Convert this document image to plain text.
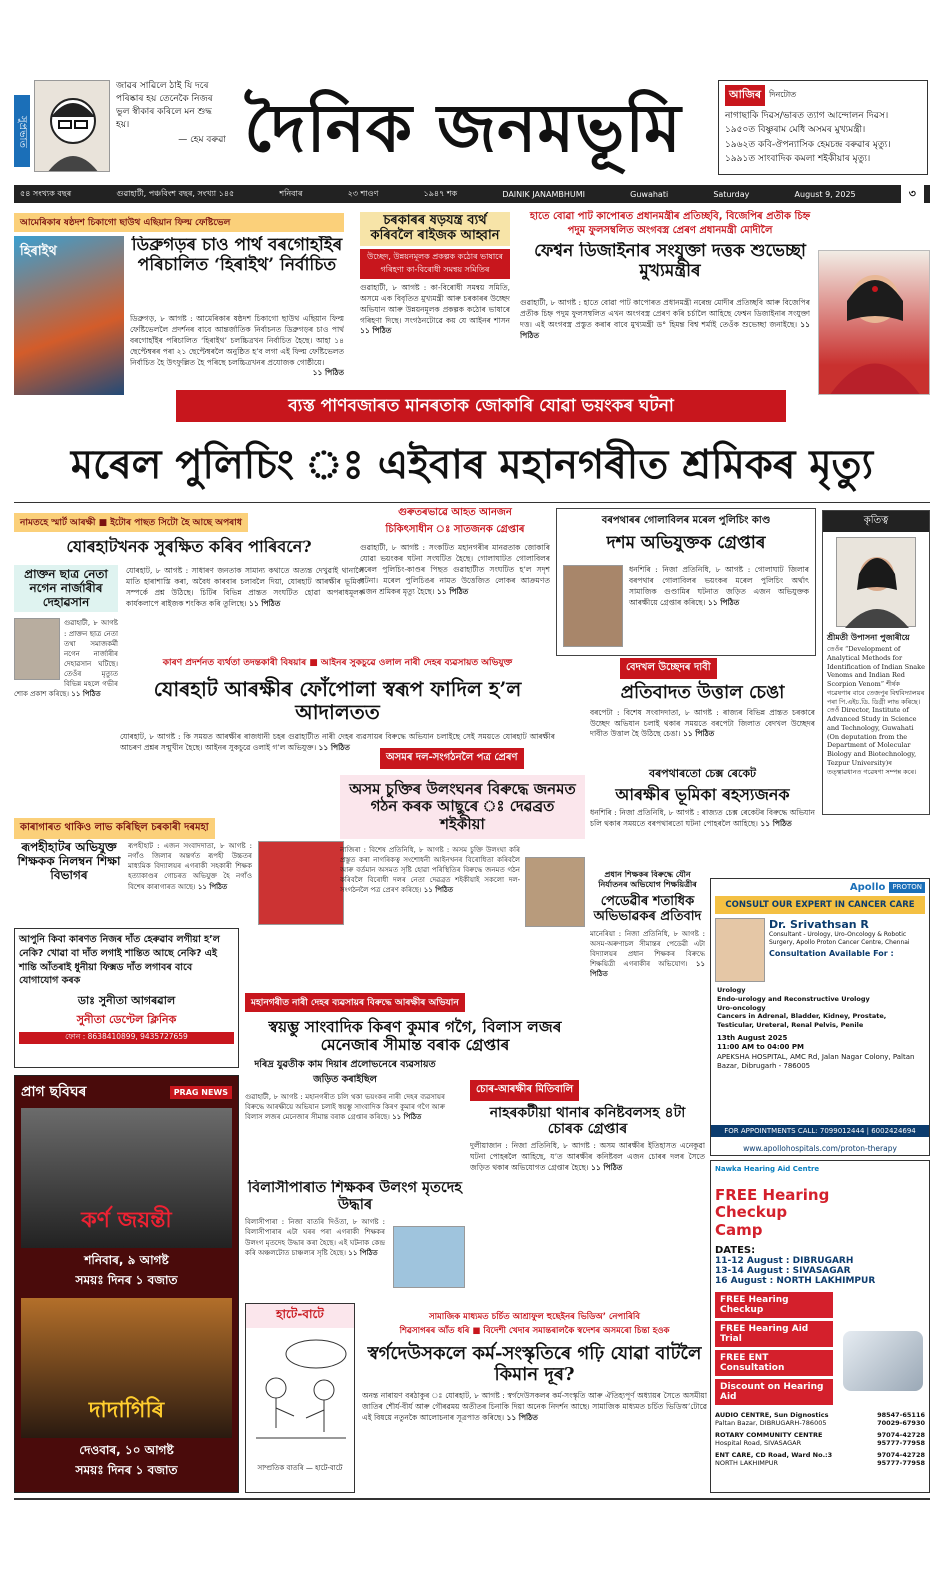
সুপ্রভাত
জাৱৰ সাৱিলে ঠাই যি দৰে পৰিষ্কাৰ হয় তেনেকৈ নিজৰ ভুল স্বীকাৰ কৰিলে মন শুদ্ধ হয়।
— হেম বৰুৱা দৈনিক জনমভূমি	আজিৰ	দিনটোত
নাগাছাকি দিৱস/ভাৰত ত্যাগ আন্দোলন দিৱস।
১৯৫০ত বিষ্ণুৰাম মেধি অসমৰ মুখ্যমন্ত্ৰী।
১৯৬২ত কবি-ঔপন্যাসিক হেমচন্দ্ৰ বৰুৱাৰ মৃত্যু।
১৯৯১ত সাংবাদিক কমলা শইকীয়াৰ মৃত্যু।
৫৪ সংখ্যক বছৰ	গুৱাহাটী, পঞ্চবিংশ বছৰ, সংখ্যা ১৪৫	শনিবাৰ	২৩ শাওণ	১৯৪৭ শক	DAINIK JANAMBHUMI	Guwahati	Saturday	August 9, 2025	৩
আমেৰিকাৰ ষষ্ঠদশ চিকাগো ছাউথ এছিয়ান ফিল্ম ফেষ্টিভেল
হিৰাইথ	ডিব্ৰুগড়ৰ চাও পাৰ্থ বৰগোহাঁইৰ পৰিচালিত ‘হিৰাইথ’ নিৰ্বাচিত
ডিব্ৰুগড়, ৮ আগষ্ট : আমেৰিকাৰ ষষ্ঠদশ চিকাগো ছাউথ এছিয়ান ফিল্ম ফেষ্টিভেললৈ প্ৰদৰ্শনৰ বাবে আন্তৰ্জাতিক নিৰ্বাচনত ডিব্ৰুগড়ৰ চাও পাৰ্থ বৰগোহাঁইৰ পৰিচালিত ‘হিৰাইথ’ চলচ্চিত্ৰখন নিৰ্বাচিত হৈছে। আহা ১৪ ছেপ্টেম্বৰৰ পৰা ২১ ছেপ্টেম্বৰলৈ অনুষ্ঠিত হ’ব লগা এই ফিল্ম ফেষ্টিভেলত নিৰ্বাচিত হৈ উৎফুল্লিত হৈ পৰিছে চলচ্চিত্ৰখনৰ প্ৰযোজক গোষ্ঠীয়ে।
১১ পিঠিত
চৰকাৰৰ ষড়যন্ত্ৰ ব্যৰ্থ কৰিবলৈ ৰাইজক আহ্বান
উচ্ছেদ, উন্নয়নমূলক প্ৰকল্পক কঠোৰ ভাষাৰে গৰিহণা কা-বিৰোধী সমন্বয় সমিতিৰ
গুৱাহাটী, ৮ আগষ্ট : কা-বিৰোধী সমন্বয় সমিতি, অসমে এক বিবৃতিত মুখ্যমন্ত্ৰী আৰু চৰকাৰৰ উচ্ছেদ অভিযান আৰু উন্নয়নমূলক প্ৰকল্পক কঠোৰ ভাষাৰে গৰিহণা দিছে। সংগঠনটোৱে কয় যে আইনৰ শাসন ১১ পিঠিত
হাতে বোৱা পাট কাপোৰত প্ৰধানমন্ত্ৰীৰ প্ৰতিচ্ছবি, বিজেপিৰ প্ৰতীক চিহ্ন পদুম ফুলসম্বলিত অংগবস্ত্ৰ প্ৰেৰণ প্ৰধানমন্ত্ৰী মোদীলৈ
ফেশ্বন ডিজাইনাৰ সংযুক্তা দত্তক শুভেচ্ছা মুখ্যমন্ত্ৰীৰ
গুৱাহাটী, ৮ আগষ্ট : হাতে বোৱা পাট কাপোৰত প্ৰধানমন্ত্ৰী নৰেন্দ্ৰ মোদীৰ প্ৰতিচ্ছবি আৰু বিজেপিৰ প্ৰতীক চিহ্ন পদুম ফুলসম্বলিত এখন অংগবস্ত্ৰ প্ৰেৰণ কৰি চৰ্চালৈ আহিছে ফেশ্বন ডিজাইনাৰ সংযুক্তা দত্ত। এই অংগবস্ত্ৰ প্ৰস্তুত কৰাৰ বাবে মুখ্যমন্ত্ৰী ড° হিমন্ত বিশ্ব শৰ্মাই তেওঁক শুভেচ্ছা জনাইছে। ১১ পিঠিত
ব্যস্ত পাণবজাৰত মানৰতাক জোকাৰি যোৱা ভয়ংকৰ ঘটনা
মৰেল পুলিচিং ঃ এইবাৰ মহানগৰীত শ্ৰমিকৰ মৃত্যু
নামতহে স্মাৰ্ট আৰক্ষী ■ ইটোৰ পাছত সিটো হৈ আছে অপৰাধ
যোৰহাটখনক সুৰক্ষিত কৰিব পাৰিবনে?
যোৰহাট, ৮ আগষ্ট : সাধাৰণ জনতাক সামান্য কথাতে অত্যন্ত দেখুৱাই থানালৈ মাতি হাৰাশাস্তি কৰা, অবৈধ কাৰবাৰ চলাবলৈ দিয়া, যোৰহাট আৰক্ষীৰ ভূমিকা সম্পৰ্কে প্ৰশ্ন উঠিছে। চিটিৰ বিভিন্ন প্ৰান্তত সংঘটিত হোৱা অপৰাধমূলক কাৰ্যকলাপে ৰাইজক শংকিত কৰি তুলিছে। ১১ পিঠিত
প্ৰাক্তন ছাত্ৰ নেতা নগেন নাৰ্জাৰীৰ দেহাৱসান
গুৱাহাটী, ৮ আগষ্ট : প্ৰাক্তন ছাত্ৰ নেতা তথা সমাজকৰ্মী নগেন নাৰ্জাৰীৰ দেহাৱসান ঘটিছে। তেওঁৰ মৃত্যুত বিভিন্ন মহলে গভীৰ শোক প্ৰকাশ কৰিছে। ১১ পিঠিত
গুৰুতৰভাৱে আহত আনজন
চিকিৎসাধীন ঃ সাতজনক গ্ৰেপ্তাৰ
গুৱাহাটী, ৮ আগষ্ট : সংকটিত মহানগৰীৰ মানৱতাক জোকাৰি যোৱা ভয়ংকৰ ঘটনা সংঘটিত হৈছে। গোলাঘাটত গোলাবিলৰ মৰেল পুলিচিং-কাণ্ডৰ পিছত গুৱাহাটীত সংঘটিত হ’ল সদৃশ ঘটনা। মৰেল পুলিচিঙৰ নামত উত্তেজিত লোকৰ আক্ৰমণত এজন শ্ৰমিকৰ মৃত্যু হৈছে। ১১ পিঠিত
বৰপথাৰৰ গোলাবিলৰ মৰেল পুলিচিং কাণ্ড
দশম অভিযুক্তক গ্ৰেপ্তাৰ
ধনশিৰি : নিজা প্ৰতিনিধি, ৮ আগষ্ট : গোলাঘাট জিলাৰ বৰপথাৰ গোলাবিলৰ ভয়ংকৰ মৰেল পুলিচিং অৰ্থাৎ সামাজিক গুণ্ডামিৰ ঘটনাত জড়িত এজন অভিযুক্তক আৰক্ষীয়ে গ্ৰেপ্তাৰ কৰিছে। ১১ পিঠিত
কৃতিত্ব
শ্ৰীমতী উপাসনা পুজাৰীয়ে
তেওঁৰ “Development of Analytical Methods for Identification of Indian Snake Venoms and Indian Red Scorpion Venom” শীৰ্ষক গৱেষণাৰ বাবে তেজপুৰ বিশ্ববিদ্যালয়ৰ পৰা পি.এইচ.ডি. ডিগ্ৰী লাভ কৰিছে। তেওঁ Director, Institute of Advanced Study in Science and Technology, Guwahati (On deputation from the Department of Molecular Biology and Biotechnology, Tezpur University)ৰ তত্ত্বাৱধানত গৱেষণা সম্পন্ন কৰে।
কাৰণ প্ৰদৰ্শনত ব্যৰ্থতা তদন্তকাৰী বিষয়াৰ ■ আইনৰ সুকচুৱে ওলাল নাৰী দেহৰ ব্যৱসায়ত অভিযুক্ত
যোৰহাট আৰক্ষীৰ ফোঁপোলা স্বৰূপ ফাদিল হ’ল আদালতত
যোৰহাট, ৮ আগষ্ট : কি সময়ত আৰক্ষীৰ ৰাজধানী চহৰ গুৱাহাটীত নাৰী দেহৰ ব্যৱসায়ৰ বিৰুদ্ধে অভিযান চলাইছে সেই সময়তে যোৰহাট আৰক্ষীৰ আচৰণ প্ৰশ্নৰ সন্মুখীন হৈছে। আইনৰ সুকচুৱে ওলাই গ’ল অভিযুক্ত। ১১ পিঠিত
বেদখল উচ্ছেদৰ দাবী
প্ৰতিবাদত উত্তাল চেঙা
বৰপেটা : বিশেষ সংবাদদাতা, ৮ আগষ্ট : ৰাজ্যৰ বিভিন্ন প্ৰান্তত চৰকাৰে উচ্ছেদ অভিযান চলাই থকাৰ সময়তে বৰপেটা জিলাত বেদখল উচ্ছেদৰ দাবীত উত্তাল হৈ উঠিছে চেঙা। ১১ পিঠিত
বৰপথাৰতো চেক্স ৰেকেট
আৰক্ষীৰ ভূমিকা ৰহস্যজনক
ধনশিৰি : নিজা প্ৰতিনিধি, ৮ আগষ্ট : ৰাজ্যত চেক্স ৰেকেটৰ বিৰুদ্ধে অভিযান চলি থকাৰ সময়তে বৰপথাৰতো ঘটনা পোহৰলৈ আহিছে। ১১ পিঠিত
কাৰাগাৰত থাকিও লাভ কৰিছিল চৰকাৰী দৰমহা
ৰূপহীহাটৰ অভিযুক্ত শিক্ষকক নিলম্বন শিক্ষা বিভাগৰ
ৰূপহীহাট : এজন সংবাদদাতা, ৮ আগষ্ট : নগাঁও জিলাৰ অন্তৰ্গত ৰূপহী উচ্চতৰ মাধ্যমিক বিদ্যালয়ৰ এগৰাকী সহকাৰী শিক্ষক হত্যাকাণ্ডৰ গোচৰত অভিযুক্ত হৈ নগাঁও বিশেষ কাৰাগাৰত আছে। ১১ পিঠিত
অসমৰ দল-সংগঠনলৈ পত্ৰ প্ৰেৰণ
অসম চুক্তিৰ উলংঘনৰ বিৰুদ্ধে জনমত গঠন কৰক আছুৰে ঃ দেৱব্ৰত শইকীয়া
নাজিৰা : বিশেষ প্ৰতিনিধি, ৮ আগষ্ট : অসম চুক্তি উলংঘা কৰি প্ৰস্তুত কৰা নাগৰিকত্ব সংশোধনী আইনখনৰ বিৰোধিতা কৰিবলৈ আৰু বৰ্তমান অসমত সৃষ্টি হোৱা পৰিস্থিতিৰ বিৰুদ্ধে জনমত গঠন কৰিবলৈ বিৰোধী দলৰ নেতা দেৱব্ৰত শইকীয়াই সকলো দল-সংগঠনলৈ পত্ৰ প্ৰেৰণ কৰিছে। ১১ পিঠিত
প্ৰধান শিক্ষকৰ বিৰুদ্ধে যৌন নিৰ্যাতনৰ অভিযোগ শিক্ষয়িত্ৰীৰ
পেডেৱীৰ শতাধিক অভিভাৱকৰ প্ৰতিবাদ
মানেৰিয়া : নিজা প্ৰতিনিধি, ৮ আগষ্ট : অসম-অৰুণাচল সীমান্তৰ পেডেৱী এটা বিদ্যালয়ৰ প্ৰধান শিক্ষকৰ বিৰুদ্ধে শিক্ষয়িত্ৰী এগৰাকীৰ অভিযোগ। ১১ পিঠিত
আপুনি কিবা কাৰণত নিজৰ দাঁত হেৰুৱাব লগীয়া হ’ল নেকি? খোৱা বা দাঁত লগাই শান্তিত আছে নেকি? এই শান্তি আঁতৰাই ধুনীয়া ফিক্সড দাঁত লগাবৰ বাবে যোগাযোগ কৰক
ডাঃ সুনীতা আগৰৱাল
সুনীতা ডেণ্টেল ক্লিনিক
ফোন : 8638410899, 9435727659
প্ৰাগ ছবিঘৰ	PRAG NEWS
কৰ্ণ জয়ন্তী
শনিবাৰ, ৯ আগষ্ট
সময়ঃ দিনৰ ১ বজাত
দাদাগিৰি
দেওবাৰ, ১০ আগষ্ট
সময়ঃ দিনৰ ১ বজাত
মহানগৰীত নাৰী দেহৰ ব্যৱসায়ৰ বিৰুদ্ধে আৰক্ষীৰ অভিযান
স্বয়ম্ভু সাংবাদিক কিৰণ কুমাৰ গগৈ, বিলাস লজৰ মেনেজাৰ সীমান্ত বৰাক গ্ৰেপ্তাৰ
দৰিদ্ৰ যুৱতীক কাম দিয়াৰ প্ৰলোভনেৰে ব্যৱসায়ত জড়িত কৰাইছিল
গুৱাহাটী, ৮ আগষ্ট : মহানগৰীত চলি থকা ভয়ংকৰ নাৰী দেহৰ ব্যৱসায়ৰ বিৰুদ্ধে আৰক্ষীয়ে অভিযান চলাই স্বয়ম্ভু সাংবাদিক কিৰণ কুমাৰ গগৈ আৰু বিলাস লজৰ মেনেজাৰ সীমান্ত বৰাক গ্ৰেপ্তাৰ কৰিছে। ১১ পিঠিত
চোৰ-আৰক্ষীৰ মিতিবালি
নাহৰকটীয়া থানাৰ কনিষ্টবলসহ ৪টা চোৰক গ্ৰেপ্তাৰ
দুলীয়াজান : নিজা প্ৰতিনিধি, ৮ আগষ্ট : অসম আৰক্ষীৰ ইতিহাসত এনেকুৱা ঘটনা পোহৰলৈ আহিছে, য’ত আৰক্ষীৰ কনিষ্টবল এজন চোৰৰ দলৰ সৈতে জড়িত থকাৰ অভিযোগত গ্ৰেপ্তাৰ হৈছে। ১১ পিঠিত
বিলাসীপাৰাত শিক্ষকৰ উলংগ মৃতদেহ উদ্ধাৰ
বিলাসীপাৰা : নিজা বাতৰি দিওঁতা, ৮ আগষ্ট : বিলাসীপাৰাৰ এটা ঘৰৰ পৰা এগৰাকী শিক্ষকৰ উলংগ মৃতদেহ উদ্ধাৰ কৰা হৈছে। এই ঘটনাক কেন্দ্ৰ কৰি অঞ্চলটোত চাঞ্চল্যৰ সৃষ্টি হৈছে। ১১ পিঠিত
হাটে-বাটে
সাম্প্ৰতিক বাতৰি — হাটে-বাটে
সামাজিক মাধ্যমত চৰ্চিত আশ্ৰাফুল হুছেইনৰ ভিডিঅ’ নেপাৰিবি
শিৱসাগৰৰ আঁত ধৰি ■ বিদেশী খেদাৰ সমান্তৰালকৈ স্বদেশৰ অসমৰো চিন্তা হওক
স্বৰ্গদেউসকলে কৰ্ম-সংস্কৃতিৰে গঢ়ি যোৱা বাটলৈ কিমান দূৰ?
অনন্ত নাৰায়ণ বৰঠাকুৰ ঃ যোৰহাট, ৮ আগষ্ট : স্বৰ্গদেউসকলৰ কৰ্ম-সংস্কৃতি আৰু ঐতিহ্যপূৰ্ণ অধ্যায়ৰ সৈতে অসমীয়া জাতিৰ শৌৰ্য-বীৰ্য আৰু গৌৰৱময় অতীতৰ চিনাকি দিয়া অনেক নিদৰ্শন আছে। সামাজিক মাধ্যমত চৰ্চিত ভিডিঅ’টোৱে এই বিষয়ে নতুনকৈ আলোচনাৰ সূত্ৰপাত কৰিছে। ১১ পিঠিত
Apollo	PROTON
CONSULT OUR EXPERT IN CANCER CARE
Dr. Srivathsan R
Consultant - Urology, Uro-Oncology & Robotic Surgery, Apollo Proton Cancer Centre, Chennai
Consultation Available For :
Urology
Endo-urology and Reconstructive Urology
Uro-oncology
Cancers in Adrenal, Bladder, Kidney, Prostate, Testicular, Ureteral, Renal Pelvis, Penile
13th August 2025
11:00 AM to 04:00 PM
APEKSHA HOSPITAL, AMC Rd, Jalan Nagar Colony, Paltan Bazar, Dibrugarh - 786005
FOR APPOINTMENTS CALL: 7099012444 | 6002424694
www.apollohospitals.com/proton-therapy
Nawka Hearing Aid Centre
FREE Hearing Checkup Camp
DATES:
11-12 August : DIBRUGARH
13-14 August : SIVASAGAR
16 August : NORTH LAKHIMPUR
FREE Hearing Checkup
FREE Hearing Aid Trial
FREE ENT Consultation
Discount on Hearing Aid
AUDIO CENTRE, Sun Dignostics
Paltan Bazar, DIBRUGARH-786005
98547-65116 70029-67930
ROTARY COMMUNITY CENTRE
Hospital Road, SIVASAGAR
97074-42728 95777-77958
ENT CARE, CD Road, Ward No.:3
NORTH LAKHIMPUR
97074-42728 95777-77958
